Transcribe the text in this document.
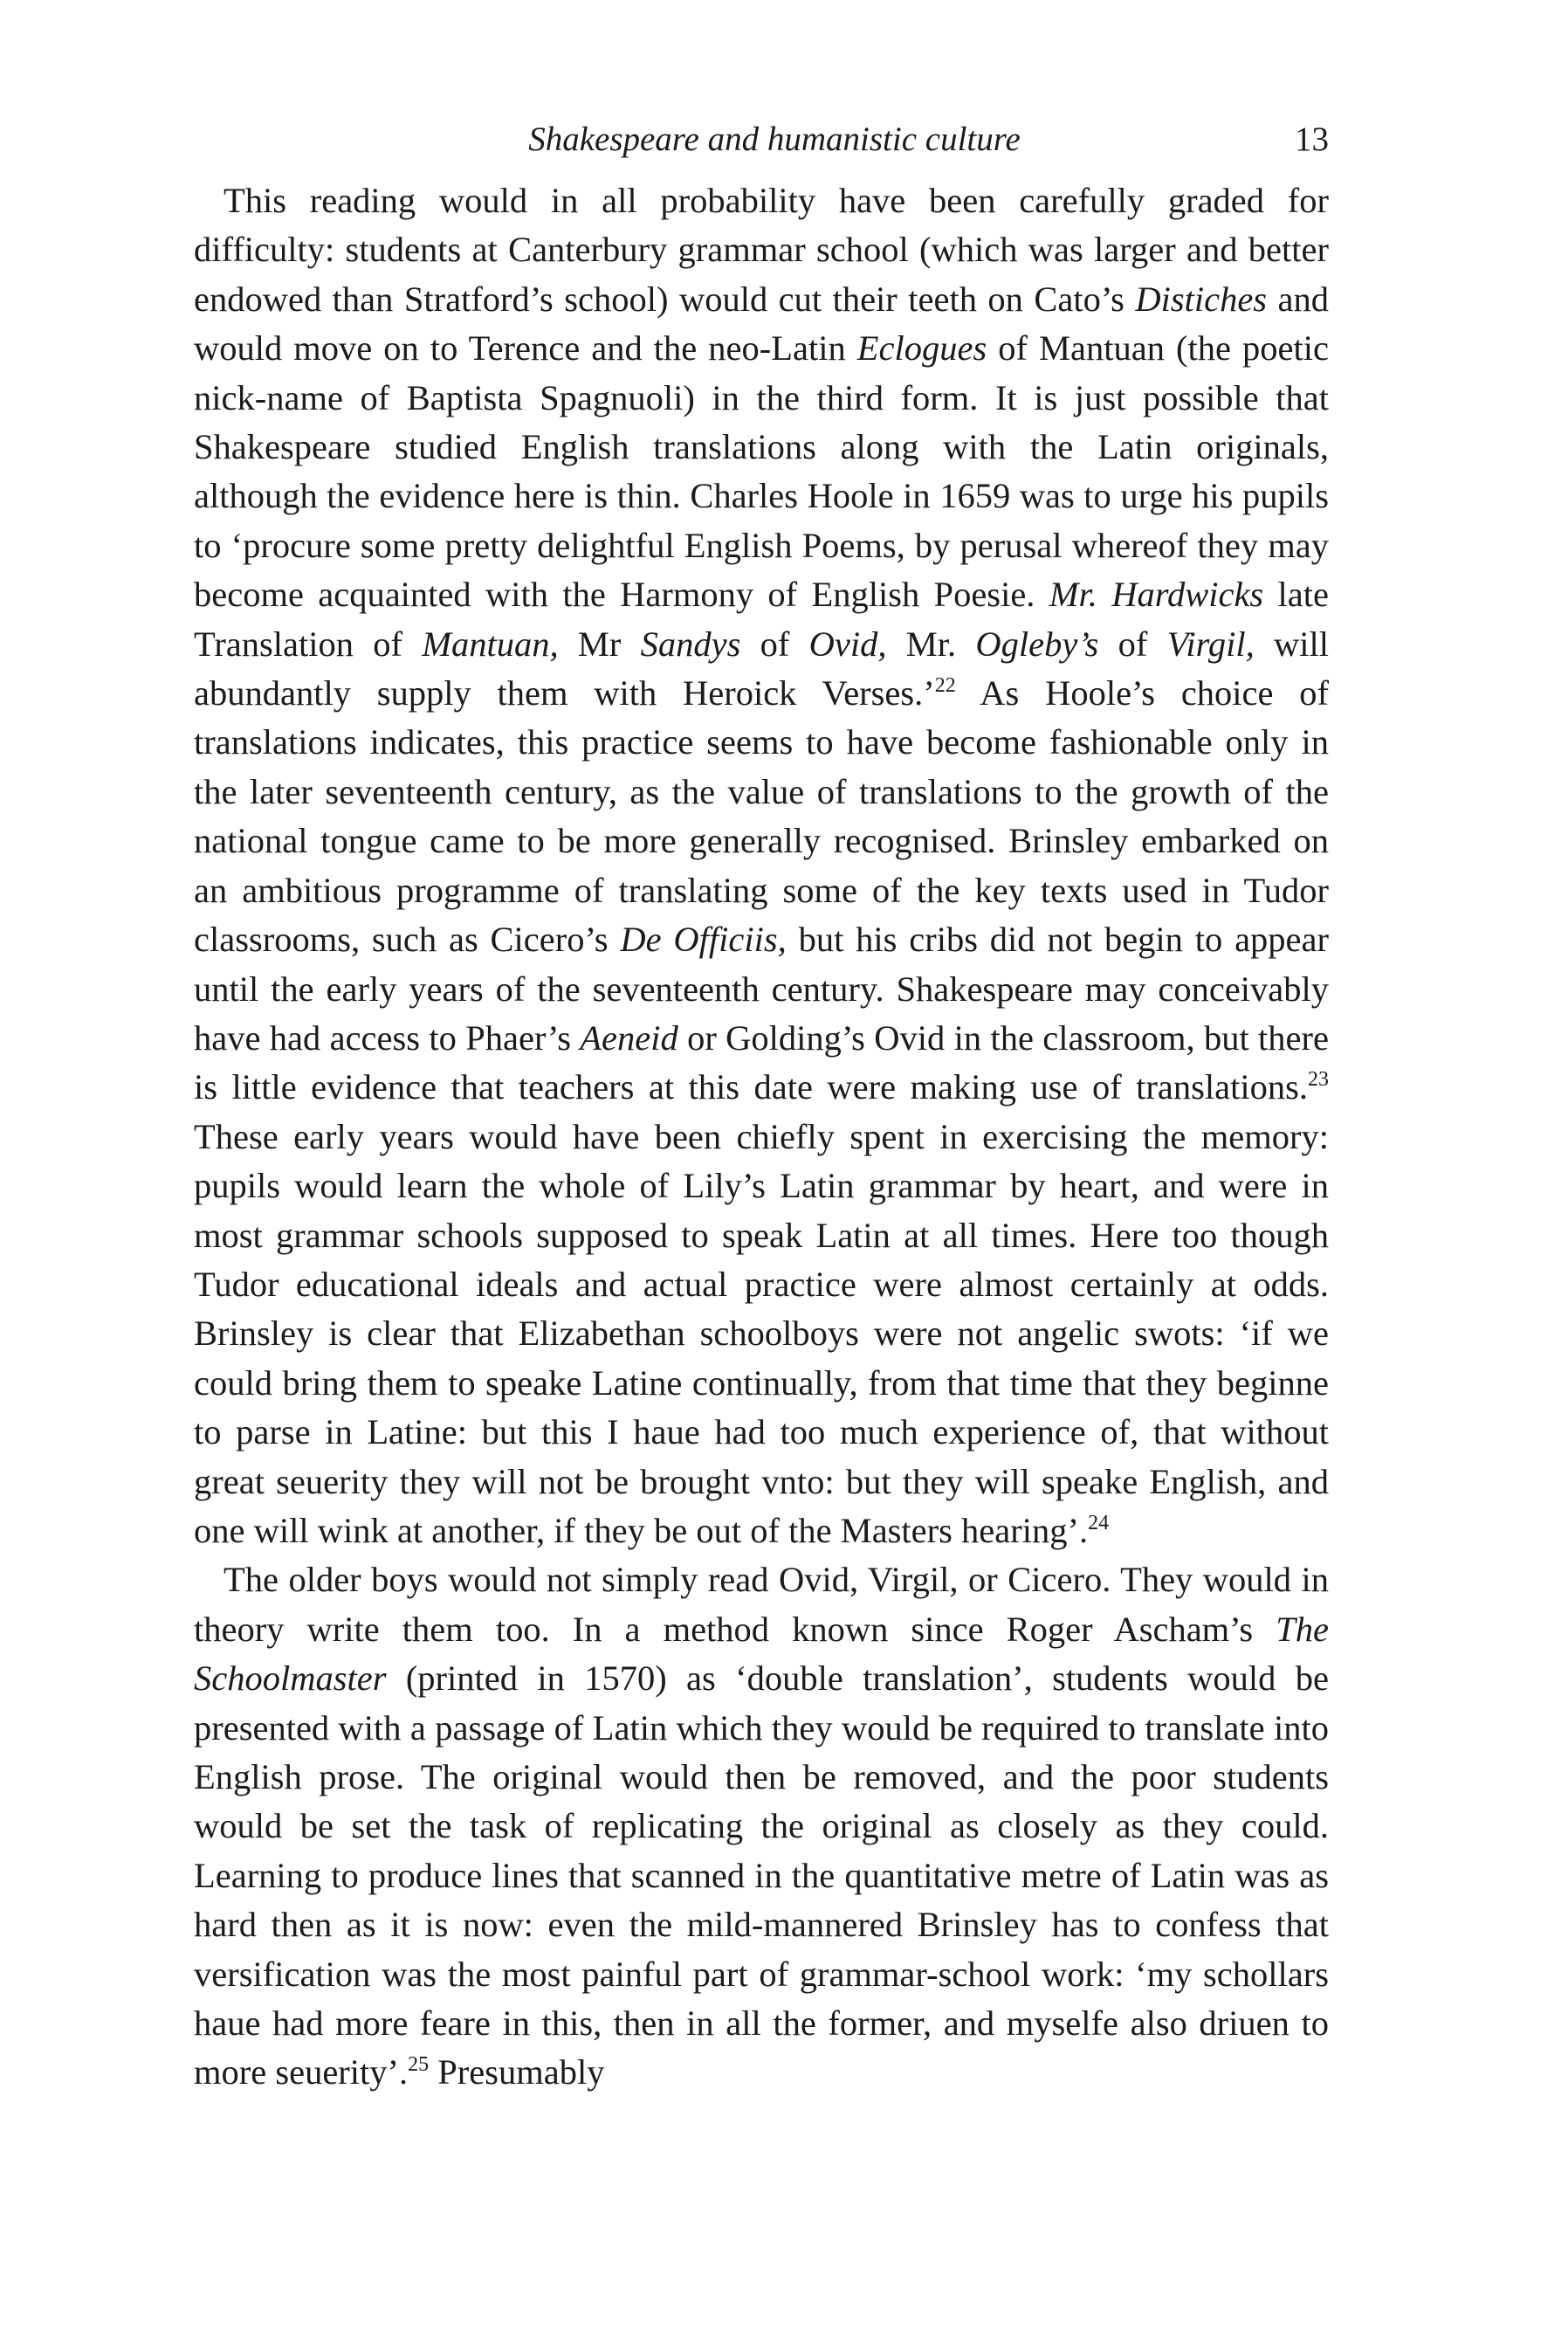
Shakespeare and humanistic culture	13

This reading would in all probability have been carefully graded for difficulty: students at Canterbury grammar school (which was larger and better endowed than Stratford’s school) would cut their teeth on Cato’s Distiches and would move on to Terence and the neo-Latin Eclogues of Mantuan (the poetic nick-name of Baptista Spagnuoli) in the third form. It is just possible that Shakespeare studied English translations along with the Latin originals, although the evidence here is thin. Charles Hoole in 1659 was to urge his pupils to ‘procure some pretty delightful English Poems, by perusal whereof they may become acquainted with the Harmony of English Poesie. Mr. Hardwicks late Translation of Mantuan, Mr Sandys of Ovid, Mr. Ogleby’s of Virgil, will abundantly supply them with Heroick Verses.’$^{22}$ As Hoole’s choice of translations indicates, this practice seems to have become fashionable only in the later seventeenth century, as the value of translations to the growth of the national tongue came to be more generally recognised. Brinsley embarked on an ambitious programme of translating some of the key texts used in Tudor classrooms, such as Cicero’s De Officiis, but his cribs did not begin to appear until the early years of the seventeenth century. Shakespeare may conceivably have had access to Phaer’s Aeneid or Golding’s Ovid in the classroom, but there is little evidence that teachers at this date were making use of translations.$^{23}$ These early years would have been chiefly spent in exercising the memory: pupils would learn the whole of Lily’s Latin grammar by heart, and were in most grammar schools supposed to speak Latin at all times. Here too though Tudor educational ideals and actual practice were almost certainly at odds. Brinsley is clear that Elizabethan schoolboys were not angelic swots: ‘if we could bring them to speake Latine continually, from that time that they beginne to parse in Latine: but this I haue had too much experience of, that without great seuerity they will not be brought vnto: but they will speake English, and one will wink at another, if they be out of the Masters hearing’.$^{24}$

The older boys would not simply read Ovid, Virgil, or Cicero. They would in theory write them too. In a method known since Roger Ascham’s The Schoolmaster (printed in 1570) as ‘double translation’, students would be presented with a passage of Latin which they would be required to translate into English prose. The original would then be removed, and the poor students would be set the task of replicating the original as closely as they could. Learning to produce lines that scanned in the quantitative metre of Latin was as hard then as it is now: even the mild-mannered Brinsley has to confess that versification was the most painful part of grammar-school work: ‘my schollars haue had more feare in this, then in all the former, and myselfe also driuen to more seuerity’.$^{25}$ Presumably
